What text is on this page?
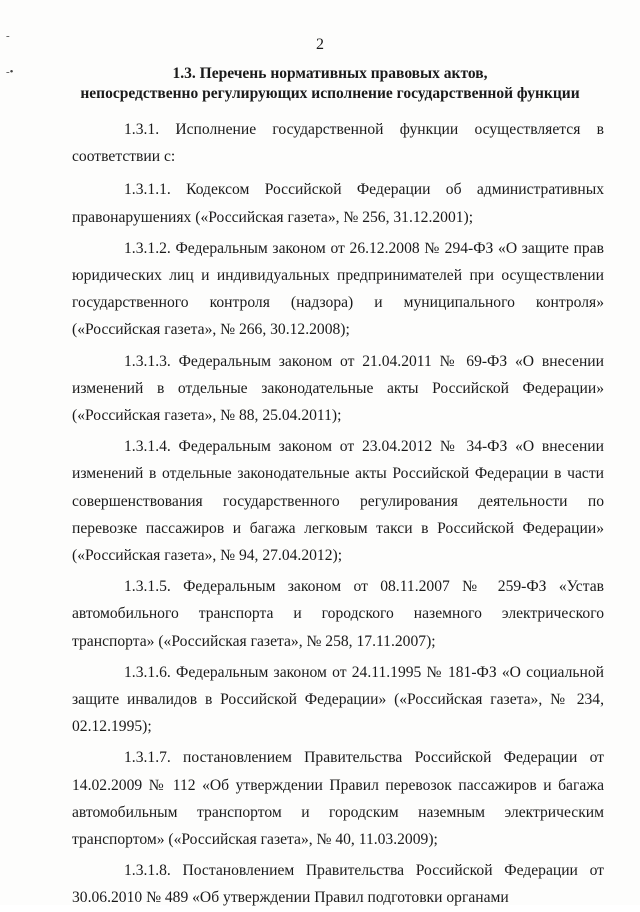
-
-•
2
1.3. Перечень нормативных правовых актов,
непосредственно регулирующих исполнение государственной функции

1.3.1. Исполнение государственной функции осуществляется в соответствии с:

1.3.1.1. Кодексом Российской Федерации об административных правонарушениях («Российская газета», № 256, 31.12.2001);

1.3.1.2. Федеральным законом от 26.12.2008 № 294-ФЗ «О защите прав юридических лиц и индивидуальных предпринимателей при осуществлении государственного контроля (надзора) и муниципального контроля» («Российская газета», № 266, 30.12.2008);

1.3.1.3. Федеральным законом от 21.04.2011 № 69-ФЗ «О внесении изменений в отдельные законодательные акты Российской Федерации» («Российская газета», № 88, 25.04.2011);

1.3.1.4. Федеральным законом от 23.04.2012 № 34-ФЗ «О внесении изменений в отдельные законодательные акты Российской Федерации в части совершенствования государственного регулирования деятельности по перевозке пассажиров и багажа легковым такси в Российской Федерации» («Российская газета», № 94, 27.04.2012);

1.3.1.5. Федеральным законом от 08.11.2007 № 259-ФЗ «Устав автомобильного транспорта и городского наземного электрического транспорта» («Российская газета», № 258, 17.11.2007);

1.3.1.6. Федеральным законом от 24.11.1995 № 181-ФЗ «О социальной защите инвалидов в Российской Федерации» («Российская газета», № 234, 02.12.1995);

1.3.1.7. постановлением Правительства Российской Федерации от 14.02.2009 № 112 «Об утверждении Правил перевозок пассажиров и багажа автомобильным транспортом и городским наземным электрическим транспортом» («Российская газета», № 40, 11.03.2009);

1.3.1.8. Постановлением Правительства Российской Федерации от 30.06.2010 № 489 «Об утверждении Правил подготовки органами
